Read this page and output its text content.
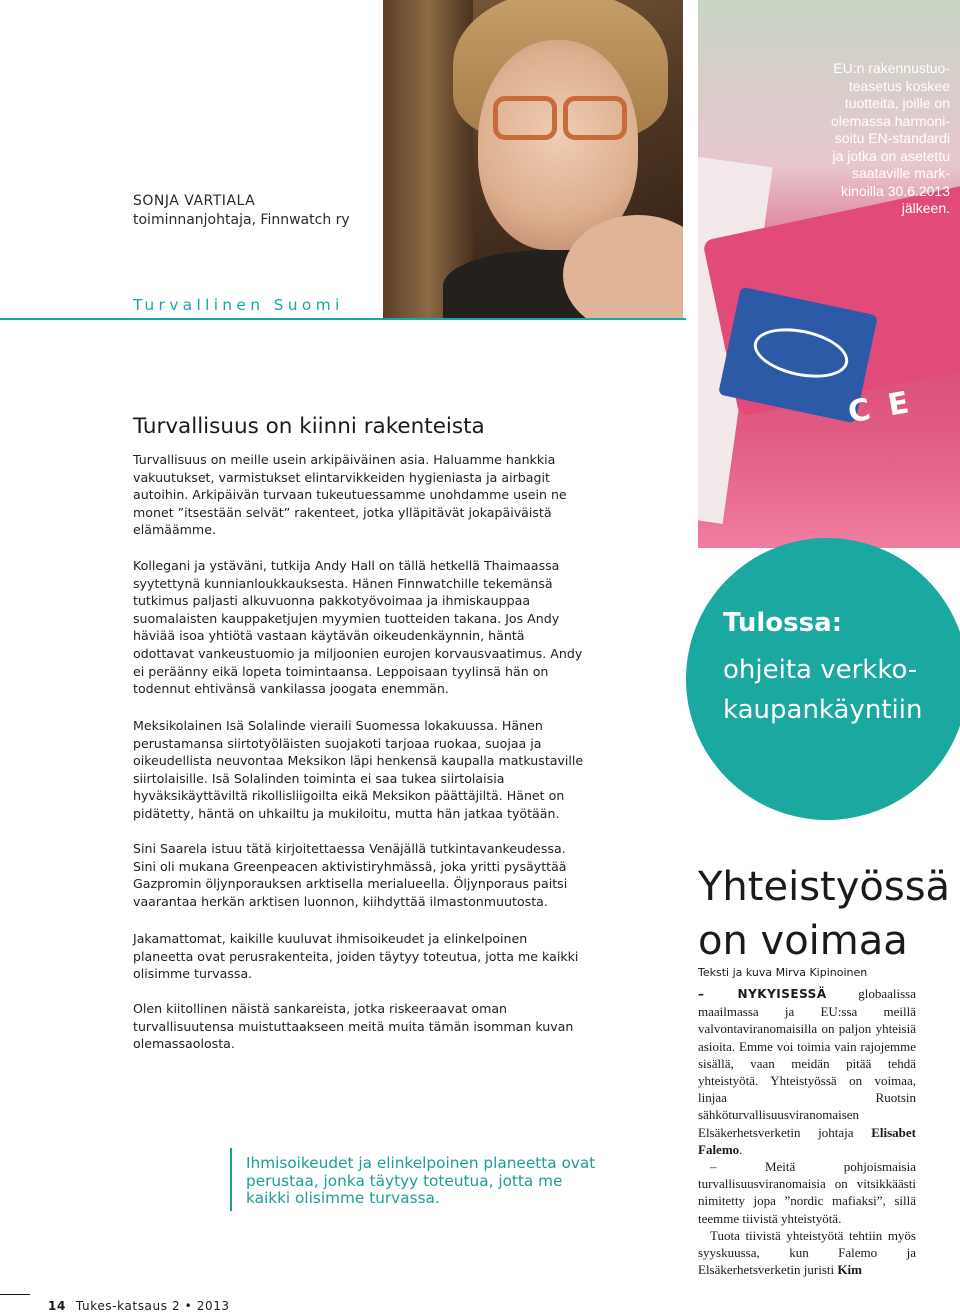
C E
EU:n rakennustuo-
teasetus koskee
tuotteita, joille on
olemassa harmoni-
soitu EN-standardi
ja jotka on asetettu
saataville mark-
kinoilla 30.6.2013
jälkeen.
SONJA VARTIALA
toiminnanjohtaja, Finnwatch ry
Turvallinen Suomi
Turvallisuus on kiinni rakenteista
Turvallisuus on meille usein arkipäiväinen asia. Haluamme hankkia vakuutukset, varmistukset elintarvikkeiden hygieniasta ja airbagit autoihin. Arkipäivän turvaan tukeutuessamme unohdamme usein ne monet ”itsestään selvät” rakenteet, jotka ylläpitävät jokapäiväistä elämäämme.
Kollegani ja ystäväni, tutkija Andy Hall on tällä hetkellä Thaimaassa syytettynä kunnianloukkauksesta. Hänen Finnwatchille tekemänsä tutkimus paljasti alkuvuonna pakkotyövoimaa ja ihmiskauppaa suomalaisten kauppaketjujen myymien tuotteiden takana. Jos Andy häviää isoa yhtiötä vastaan käytävän oikeudenkäynnin, häntä odottavat vankeustuomio ja miljoonien eurojen korvausvaatimus. Andy ei peräänny eikä lopeta toimintaansa. Leppoisaan tyylinsä hän on todennut ehtivänsä vankilassa joogata enemmän.
Meksikolainen Isä Solalinde vieraili Suomessa lokakuussa. Hänen perustamansa siirtotyöläisten suojakoti tarjoaa ruokaa, suojaa ja oikeudellista neuvontaa Meksikon läpi henkensä kaupalla matkustaville siirtolaisille. Isä Solalinden toiminta ei saa tukea siirtolaisia hyväksikäyttäviltä rikollisliigoilta eikä Meksikon päättäjiltä. Hänet on pidätetty, häntä on uhkailtu ja mukiloitu, mutta hän jatkaa työtään.
Sini Saarela istuu tätä kirjoitettaessa Venäjällä tutkintavankeudessa. Sini oli mukana Greenpeacen aktivistiryhmässä, joka yritti pysäyttää Gazpromin öljynporauksen arktisella merialueella. Öljynporaus paitsi vaarantaa herkän arktisen luonnon, kiihdyttää ilmastonmuutosta.
Jakamattomat, kaikille kuuluvat ihmisoikeudet ja elinkelpoinen planeetta ovat perusrakenteita, joiden täytyy toteutua, jotta me kaikki olisimme turvassa.
Olen kiitollinen näistä sankareista, jotka riskeeraavat oman turvallisuutensa muistuttaakseen meitä muita tämän isomman kuvan olemassaolosta.
Ihmisoikeudet ja elinkelpoinen planeetta ovat perustaa, jonka täytyy toteutua, jotta me kaikki olisimme turvassa.
Tulossa:
ohjeita verkko-kaupankäyntiin
Yhteistyössä on voimaa
Teksti ja kuva Mirva Kipinoinen

– NYKYISESSÄ globaalissa maailmassa ja EU:ssa meillä valvontaviranomaisilla on paljon yhteisiä asioita. Emme voi toimia vain rajojemme sisällä, vaan meidän pitää tehdä yhteistyötä. Yhteistyössä on voimaa, linjaa Ruotsin sähköturvallisuusviranomaisen Elsäkerhetsverketin johtaja Elisabet Falemo.

– Meitä pohjoismaisia turvallisuusviranomaisia on vitsikkäästi nimitetty jopa ”nordic mafiaksi”, sillä teemme tiivistä yhteistyötä.

Tuota tiivistä yhteistyötä tehtiin myös syyskuussa, kun Falemo ja Elsäkerhetsverketin juristi Kim

14 Tukes-katsaus 2 • 2013
